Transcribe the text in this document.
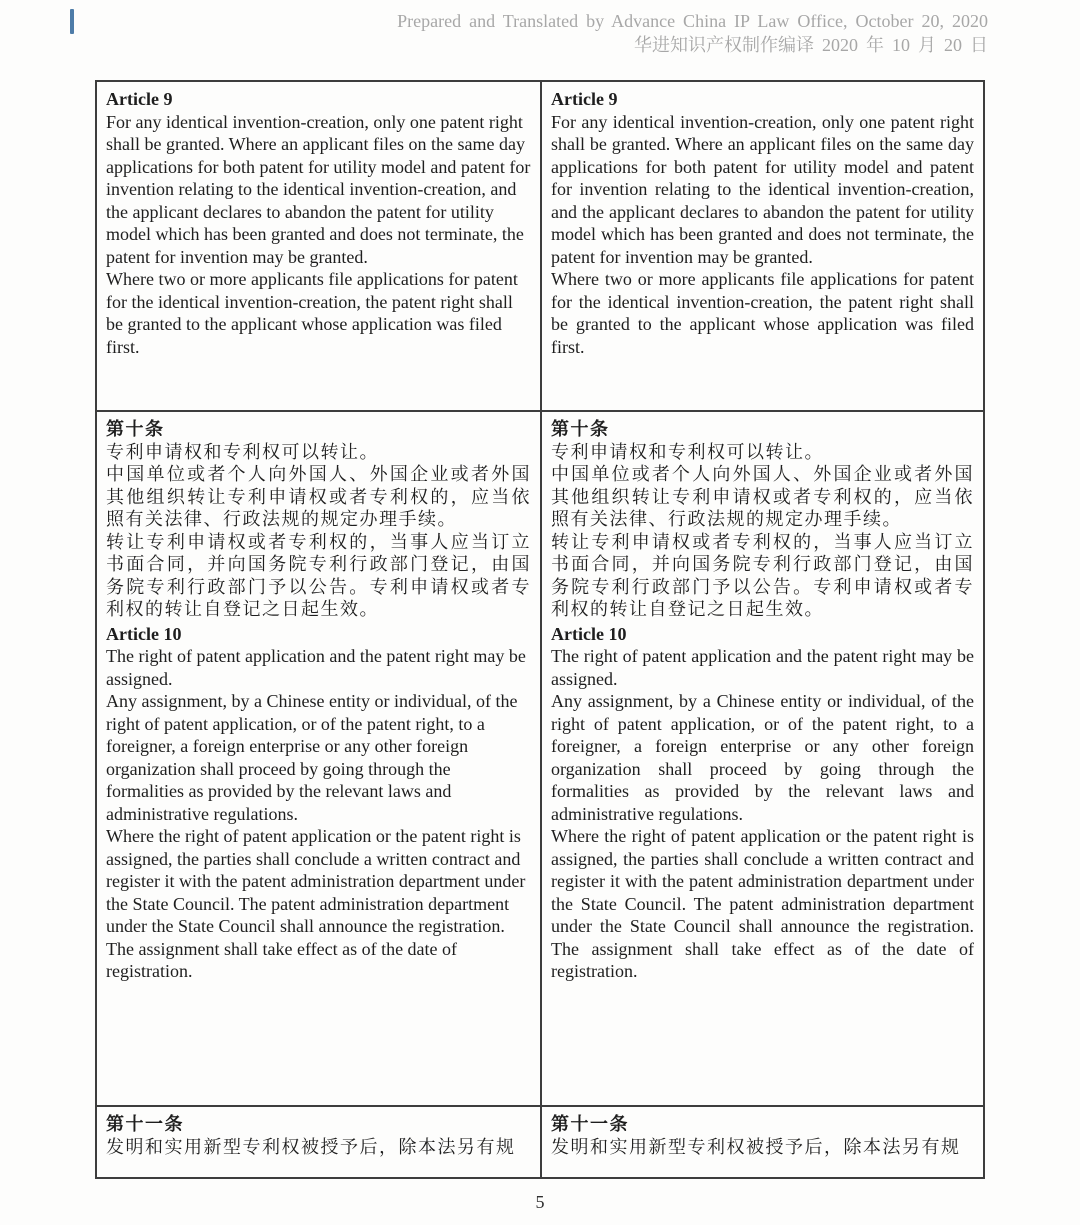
Prepared and Translated by Advance China IP Law Office, October 20, 2020
华进知识产权制作编译 2020 年 10 月 20 日
Article 9

For any identical invention-creation, only one patent right shall be granted. Where an applicant files on the same day applications for both patent for utility model and patent for invention relating to the identical invention-creation, and the applicant declares to abandon the patent for utility model which has been granted and does not terminate, the patent for invention may be granted.

Where two or more applicants file applications for patent for the identical invention-creation, the patent right shall be granted to the applicant whose application was filed first.

第十条

专利申请权和专利权可以转让。

中国单位或者个人向外国人、外国企业或者外国其他组织转让专利申请权或者专利权的，应当依照有关法律、行政法规的规定办理手续。

转让专利申请权或者专利权的，当事人应当订立书面合同，并向国务院专利行政部门登记，由国务院专利行政部门予以公告。专利申请权或者专利权的转让自登记之日起生效。

Article 10

The right of patent application and the patent right may be assigned.

Any assignment, by a Chinese entity or individual, of the right of patent application, or of the patent right, to a foreigner, a foreign enterprise or any other foreign organization shall proceed by going through the formalities as provided by the relevant laws and administrative regulations.

Where the right of patent application or the patent right is assigned, the parties shall conclude a written contract and register it with the patent administration department under the State Council. The patent administration department under the State Council shall announce the registration. The assignment shall take effect as of the date of registration.

第十一条

发明和实用新型专利权被授予后，除本法另有规

Article 9

For any identical invention-creation, only one patent right shall be granted. Where an applicant files on the same day applications for both patent for utility model and patent for invention relating to the identical invention-creation, and the applicant declares to abandon the patent for utility model which has been granted and does not terminate, the patent for invention may be granted.

Where two or more applicants file applications for patent for the identical invention-creation, the patent right shall be granted to the applicant whose application was filed first.

第十条

专利申请权和专利权可以转让。

中国单位或者个人向外国人、外国企业或者外国其他组织转让专利申请权或者专利权的，应当依照有关法律、行政法规的规定办理手续。

转让专利申请权或者专利权的，当事人应当订立书面合同，并向国务院专利行政部门登记，由国务院专利行政部门予以公告。专利申请权或者专利权的转让自登记之日起生效。

Article 10

The right of patent application and the patent right may be assigned.

Any assignment, by a Chinese entity or individual, of the right of patent application, or of the patent right, to a foreigner, a foreign enterprise or any other foreign organization shall proceed by going through the formalities as provided by the relevant laws and administrative regulations.

Where the right of patent application or the patent right is assigned, the parties shall conclude a written contract and register it with the patent administration department under the State Council. The patent administration department under the State Council shall announce the registration. The assignment shall take effect as of the date of registration.

第十一条

发明和实用新型专利权被授予后，除本法另有规

5
